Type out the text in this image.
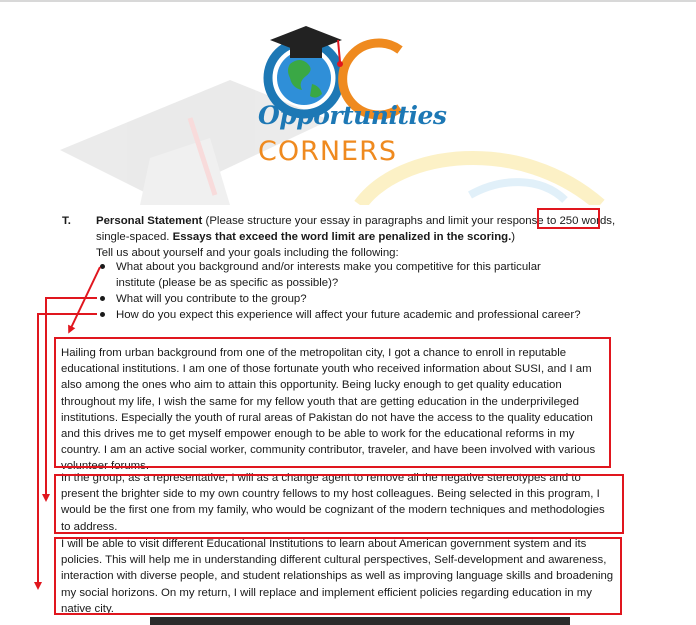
Opportunities
CORNERS
T. Personal Statement (Please structure your essay in paragraphs and limit your response to 250 words,
single-spaced. Essays that exceed the word limit are penalized in the scoring.)
Tell us about yourself and your goals including the following:
What about you background and/or interests make you competitive for this particular
institute (please be as specific as possible)?
What will you contribute to the group?
How do you expect this experience will affect your future academic and professional career?
Hailing from urban background from one of the metropolitan city, I got a chance to enroll in reputable educational institutions. I am one of those fortunate youth who received information about SUSI, and I am also among the ones who aim to attain this opportunity. Being lucky enough to get quality education throughout my life, I wish the same for my fellow youth that are getting education in the underprivileged institutions. Especially the youth of rural areas of Pakistan do not have the access to the quality education and this drives me to get myself empower enough to be able to work for the educational reforms in my country. I am an active social worker, community contributor, traveler, and have been involved with various volunteer forums.
In the group, as a representative, I will as a change agent to remove all the negative stereotypes and to present the brighter side to my own country fellows to my host colleagues. Being selected in this program, I would be the first one from my family, who would be cognizant of the modern techniques and methodologies to address.
I will be able to visit different Educational Institutions to learn about American government system and its policies. This will help me in understanding different cultural perspectives, Self-development and awareness, interaction with diverse people, and student relationships as well as improving language skills and broadening my social horizons. On my return, I will replace and implement efficient policies regarding education in my native city.
